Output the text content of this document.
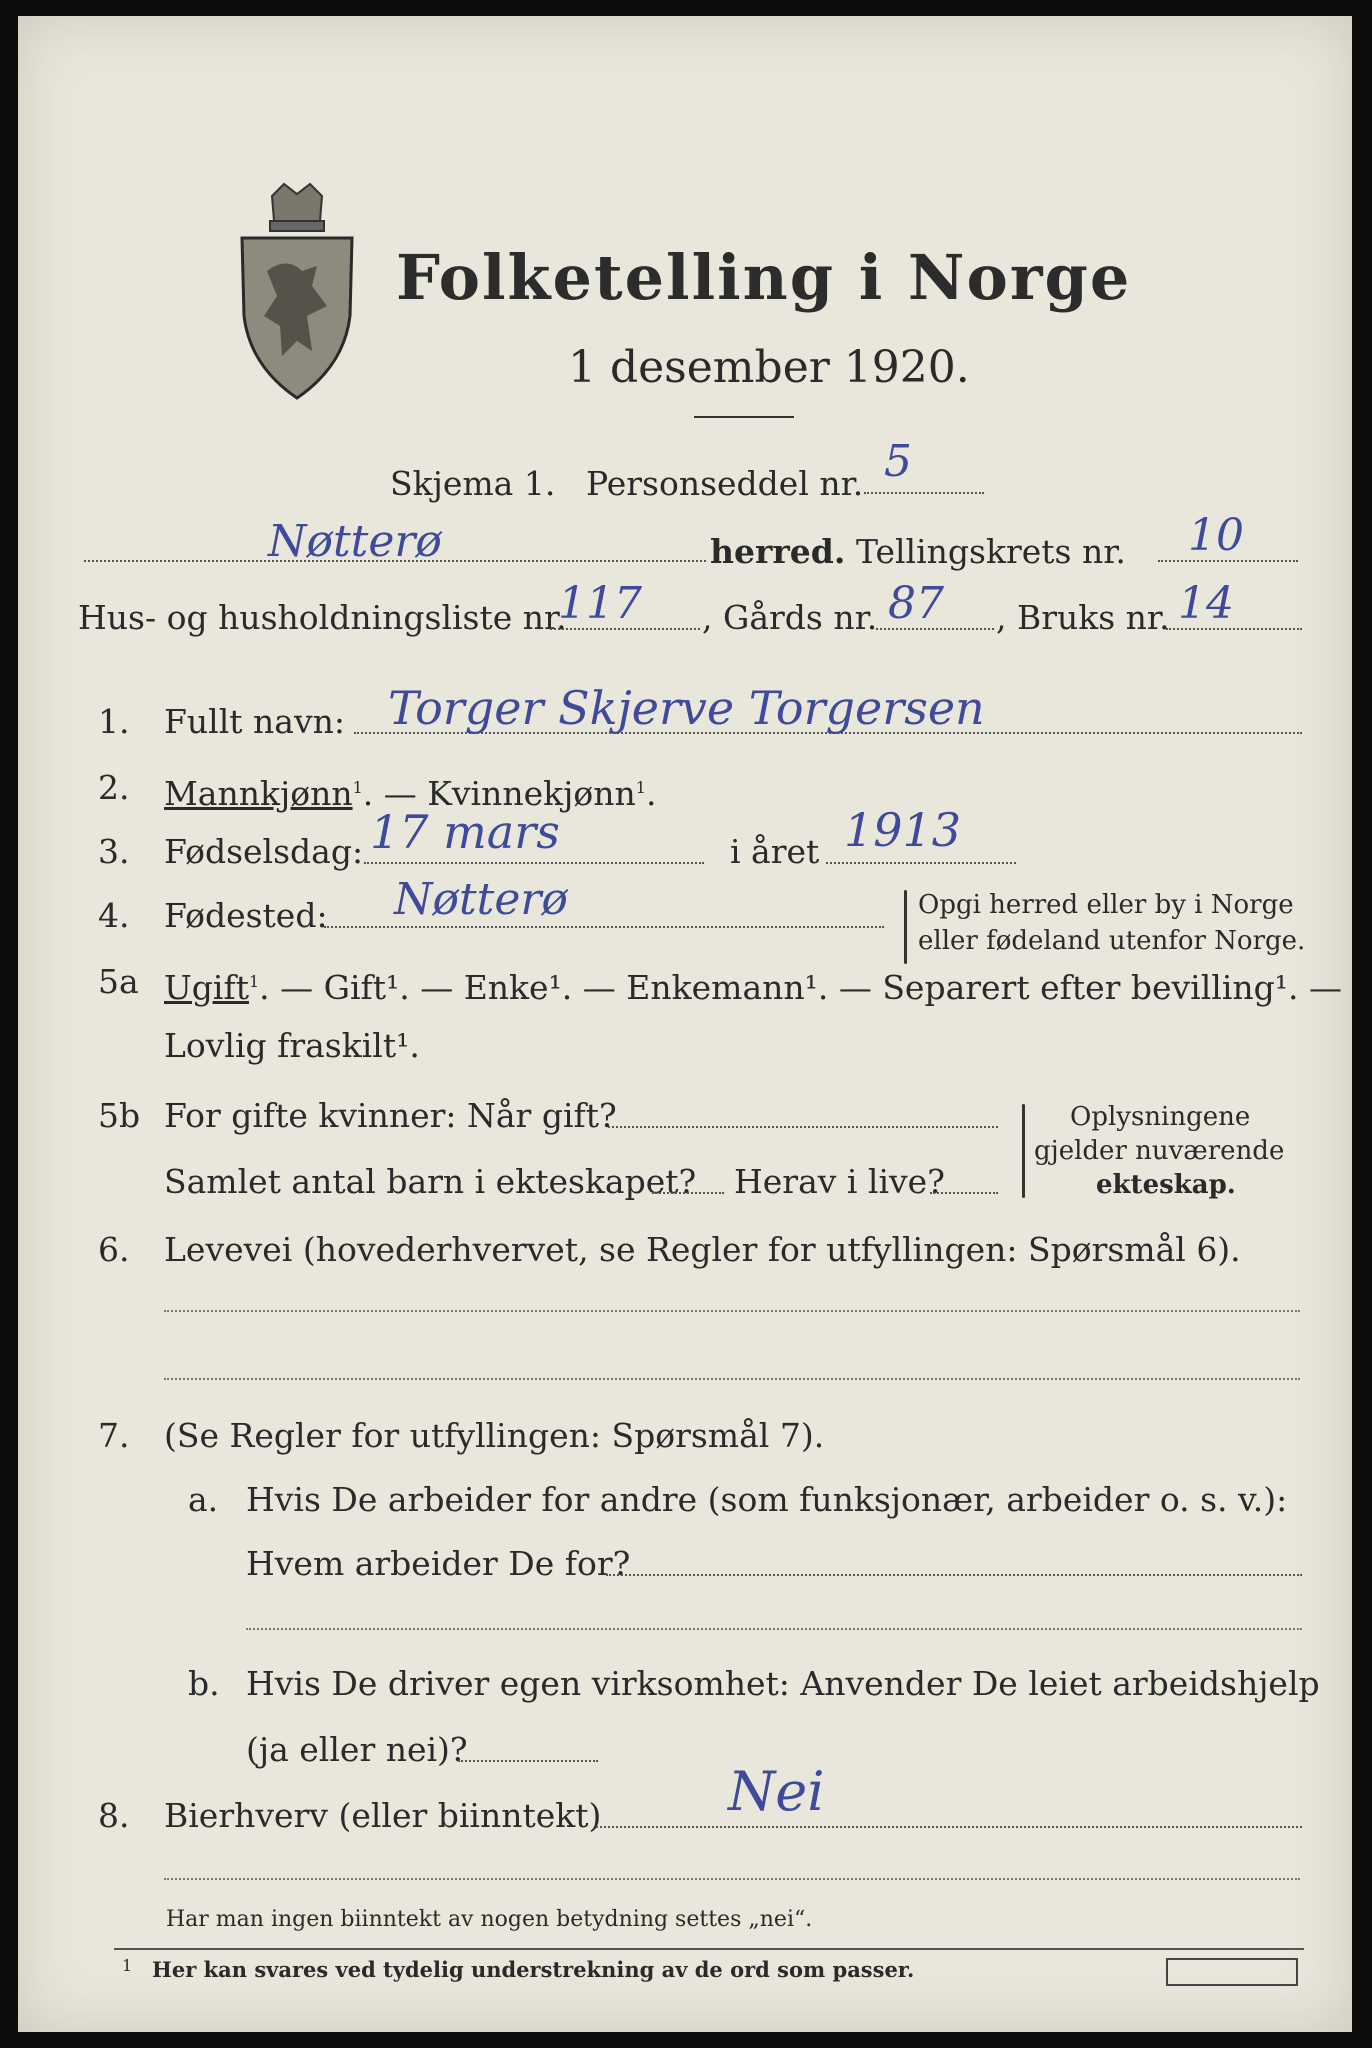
Folketelling i Norge
1 desember 1920.
Skjema 1. Personseddel nr. 5
Nøtterø	herred. Tellingskrets nr. 10
Hus- og husholdningsliste nr.
117 , Gårds nr. 87 , Bruks nr. 14
1. Fullt navn: Torger Skjerve Torgersen
2. Mannkjønn$^1$. — Kvinnekjønn$^1$.
3. Fødselsdag: 17 mars	i året 1913
4. Fødested: Nøtterø	Opgi herred eller by i Norge
eller fødeland utenfor Norge.
5a Ugift$^1$. — Gift¹. — Enke¹. — Enkemann¹. — Separert efter bevilling¹. —
Lovlig fraskilt¹.
5b For gifte kvinner: Når gift?
Samlet antal barn i ekteskapet? Herav i live?
Oplysningene
gjelder nuværende
ekteskap.
6. Levevei (hovederhvervet, se Regler for utfyllingen: Spørsmål 6).
7. (Se Regler for utfyllingen: Spørsmål 7).
a. Hvis De arbeider for andre (som funksjonær, arbeider o. s. v.):
Hvem arbeider De for?
b. Hvis De driver egen virksomhet: Anvender De leiet arbeidshjelp
(ja eller nei)?
8. Bierhverv (eller biinntekt) Nei
Har man ingen biinntekt av nogen betydning settes „nei“.
1 Her kan svares ved tydelig understrekning av de ord som passer.
